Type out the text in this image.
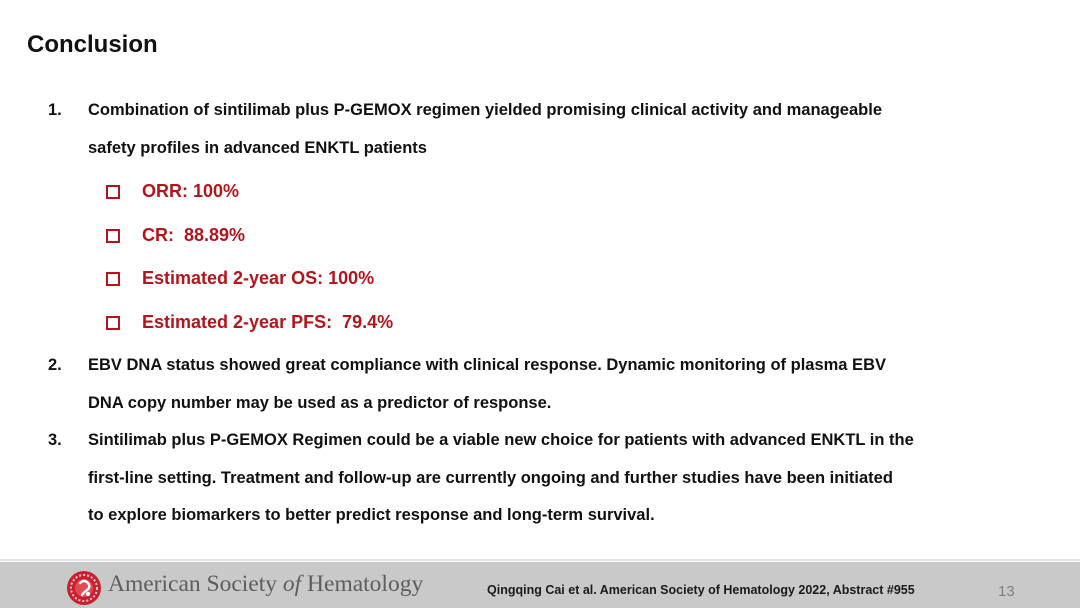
Conclusion
1. Combination of sintilimab plus P-GEMOX regimen yielded promising clinical activity and manageable
safety profiles in advanced ENKTL patients
ORR: 100%
CR:  88.89%
Estimated 2-year OS: 100%
Estimated 2-year PFS:  79.4%
2. EBV DNA status showed great compliance with clinical response. Dynamic monitoring of plasma EBV
DNA copy number may be used as a predictor of response.
3. Sintilimab plus P-GEMOX Regimen could be a viable new choice for patients with advanced ENKTL in the
first-line setting. Treatment and follow-up are currently ongoing and further studies have been initiated
to explore biomarkers to better predict response and long-term survival.
American Society of Hematology	Qingqing Cai et al. American Society of Hematology 2022, Abstract #955	13
